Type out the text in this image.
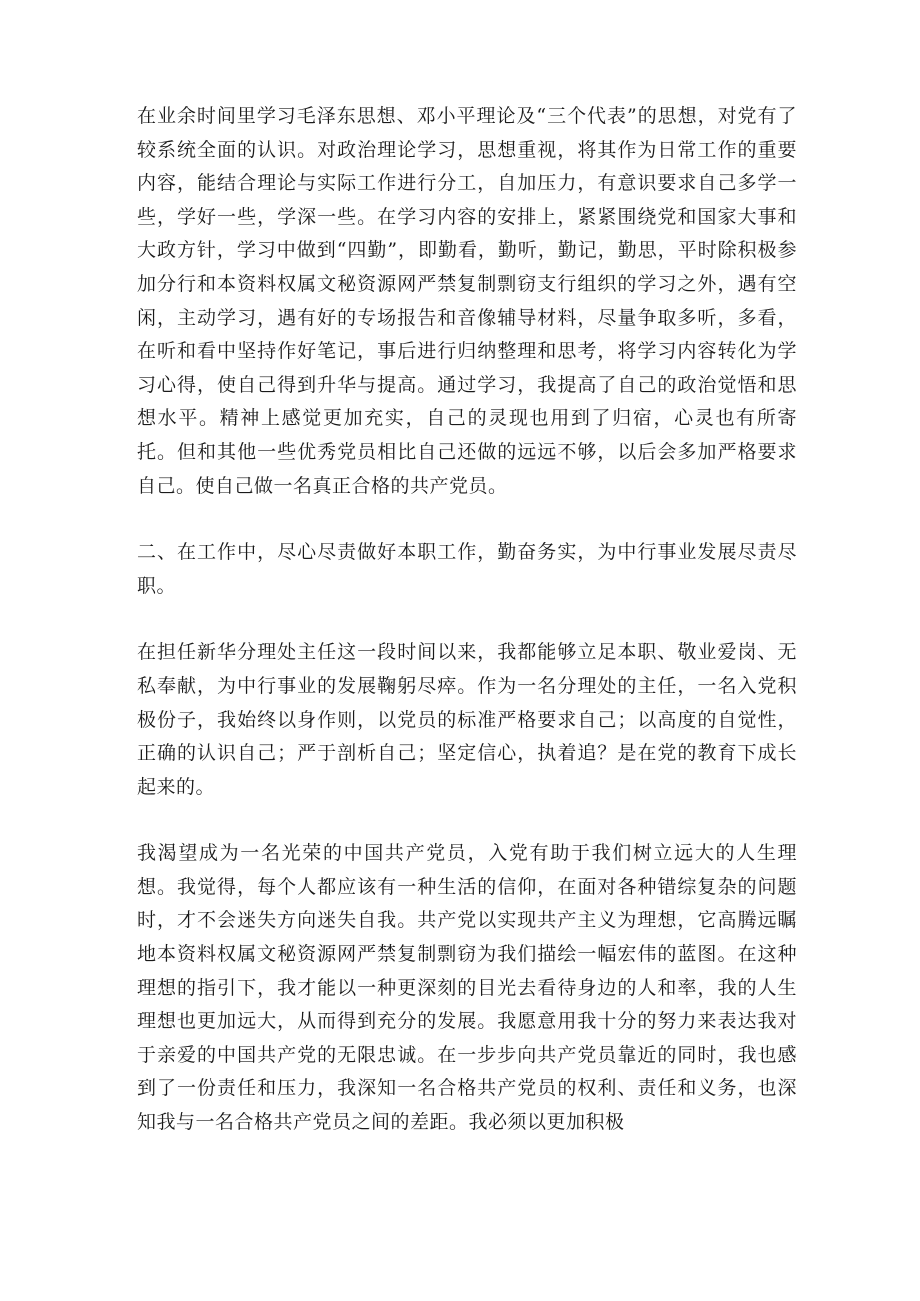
在业余时间里学习毛泽东思想、邓小平理论及“三个代表”的思想，对党有了较系统全面的认识。对政治理论学习，思想重视，将其作为日常工作的重要内容，能结合理论与实际工作进行分工，自加压力，有意识要求自己多学一些，学好一些，学深一些。在学习内容的安排上，紧紧围绕党和国家大事和大政方针，学习中做到“四勤”，即勤看，勤听，勤记，勤思，平时除积极参加分行和本资料权属文秘资源网严禁复制剽窃支行组织的学习之外，遇有空闲，主动学习，遇有好的专场报告和音像辅导材料，尽量争取多听，多看，在听和看中坚持作好笔记，事后进行归纳整理和思考，将学习内容转化为学习心得，使自己得到升华与提高。通过学习，我提高了自己的政治觉悟和思想水平。精神上感觉更加充实，自己的灵现也用到了归宿，心灵也有所寄托。但和其他一些优秀党员相比自己还做的远远不够，以后会多加严格要求自己。使自己做一名真正合格的共产党员。

二、在工作中，尽心尽责做好本职工作，勤奋务实，为中行事业发展尽责尽职。

在担任新华分理处主任这一段时间以来，我都能够立足本职、敬业爱岗、无私奉献，为中行事业的发展鞠躬尽瘁。作为一名分理处的主任，一名入党积极份子，我始终以身作则，以党员的标准严格要求自己；以高度的自觉性，正确的认识自己；严于剖析自己；坚定信心，执着追？是在党的教育下成长起来的。

我渴望成为一名光荣的中国共产党员，入党有助于我们树立远大的人生理想。我觉得，每个人都应该有一种生活的信仰，在面对各种错综复杂的问题时，才不会迷失方向迷失自我。共产党以实现共产主义为理想，它高腾远瞩地本资料权属文秘资源网严禁复制剽窃为我们描绘一幅宏伟的蓝图。在这种理想的指引下，我才能以一种更深刻的目光去看待身边的人和率，我的人生理想也更加远大，从而得到充分的发展。我愿意用我十分的努力来表达我对于亲爱的中国共产党的无限忠诚。在一步步向共产党员靠近的同时，我也感到了一份责任和压力，我深知一名合格共产党员的权利、责任和义务，也深知我与一名合格共产党员之间的差距。我必须以更加积极
